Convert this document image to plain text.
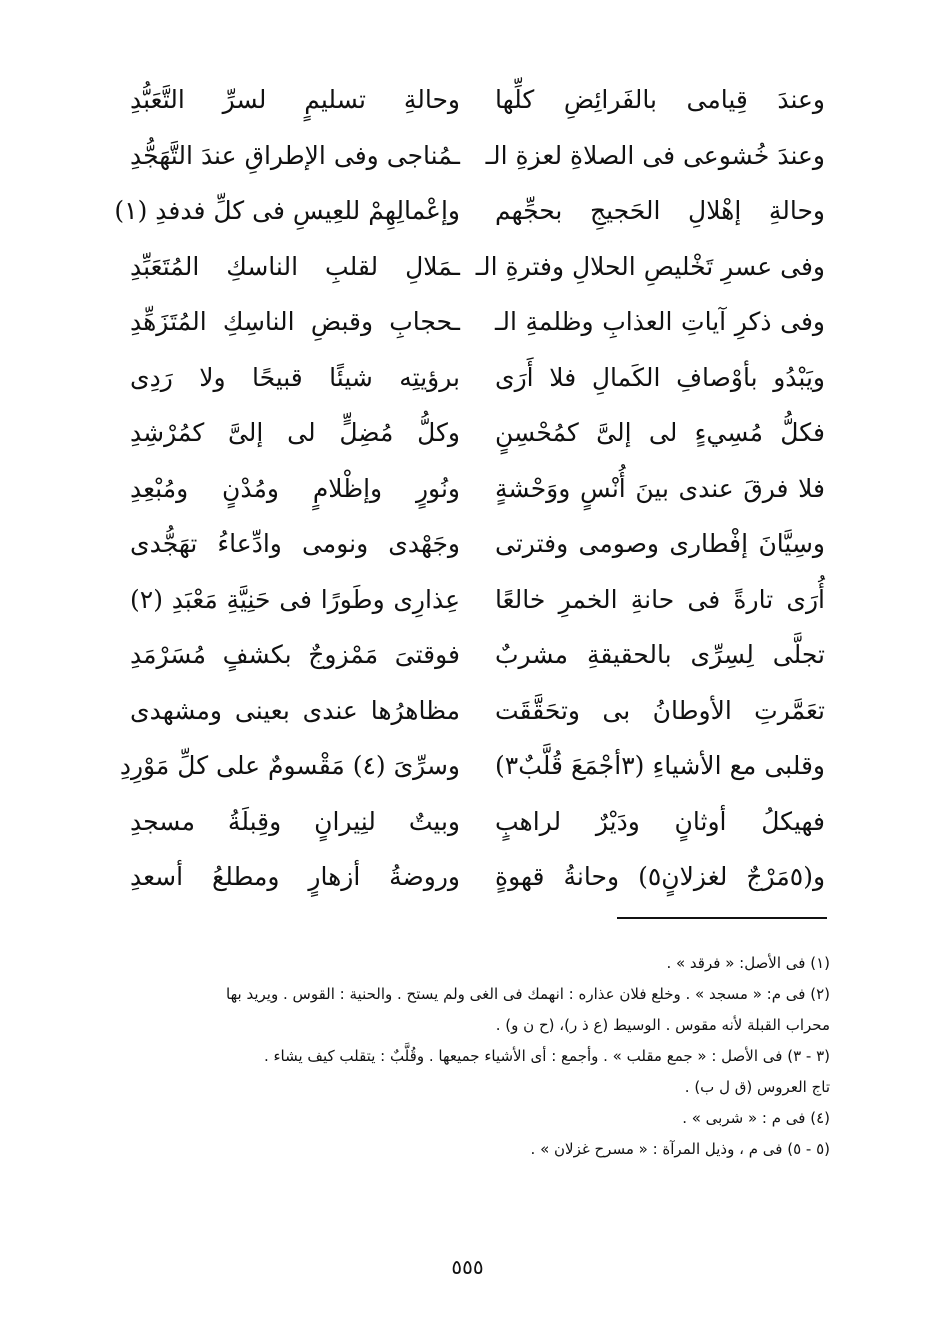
وعندَ قِيامى بالفَرائِضِ كلِّها
وعندَ خُشوعى فى الصلاةِ لعزةِ الـ
وحالةِ إهْلالِ الحَجيجِ بحجِّهم
وفى عسرِ تَخْليصِ الحلالِ وفترةِ الـ
وفى ذكرِ آياتِ العذابِ وظلمةِ الـ
ويَبْدُو بأوْصافِ الكَمالِ فلا أَرَى
فكلُّ مُسِيءٍ لى إلىَّ كمُحْسِنٍ
فلا فرقَ عندى بينَ أُنْسٍ ووَحْشةٍ
وسِيَّانَ إفْطارى وصومى وفترتى
أُرَى تارةً فى حانةِ الخمرِ خالعًا
تجلَّى لِسِرِّى بالحقيقةِ مشربٌ
تعَمَّرتِ الأوطانُ بى وتحَقَّقَت
وقلبى مع الأشياءِ (٣أجْمَعَ قُلَّبٌ٣)
فهيكلُ أوثانٍ ودَيْرٌ لراهبٍ
و(٥مَرْجٌ لغزلانٍ٥) وحانةُ قهوةٍ
وحالةِ تسليمٍ لسرِّ التَّعَبُّدِ
ـمُناجى وفى الإطراقِ عندَ التَّهَجُّدِ
وإعْمالِهِمْ للعِيسِ فى كلِّ فدفدِ (١)
ـمَلالِ لقلبِ الناسكِ المُتَعَبِّدِ
ـحجابِ وقبضِ الناسِكِ المُتَزَهِّدِ
برؤيتِه شيئًا قبيحًا ولا رَدِى
وكلُّ مُضِلٍّ لى إلىَّ كمُرْشِدِ
ونُورٍ وإظْلامٍ ومُدْنٍ ومُبْعِدِ
وجَهْدى ونومى وادِّعاءُ تهَجُّدى
عِذارِى وطَورًا فى حَنِيَّةِ مَعْبَدِ (٢)
فوقتىَ مَمْزوجٌ بكشفٍ مُسَرْمَدِ
مظاهرُها عندى بعينى ومشهدى
وسرِّىَ (٤) مَقْسومٌ على كلِّ مَوْرِدِ
وبيتٌ لنِيرانٍ وقِبلَةُ مسجدِ
وروضةُ أزهارٍ ومطلعُ أسعدِ
(١) فى الأصل: « فرقد » .
(٢) فى م: « مسجد » . وخلع فلان عذاره : انهمك فى الغى ولم يستح . والحنية : القوس . ويريد بها
محراب القبلة لأنه مقوس . الوسيط (ع ذ ر)، (ح ن و) .
(٣ - ٣) فى الأصل : « جمع مقلب » . وأجمع : أى الأشياء جميعها . وقُلَّبٌ : يتقلب كيف يشاء .
تاج العروس (ق ل ب) .
(٤) فى م : « شربى » .
(٥ - ٥) فى م ، وذيل المرآة : « مسرح غزلان » .
٥٥٥
